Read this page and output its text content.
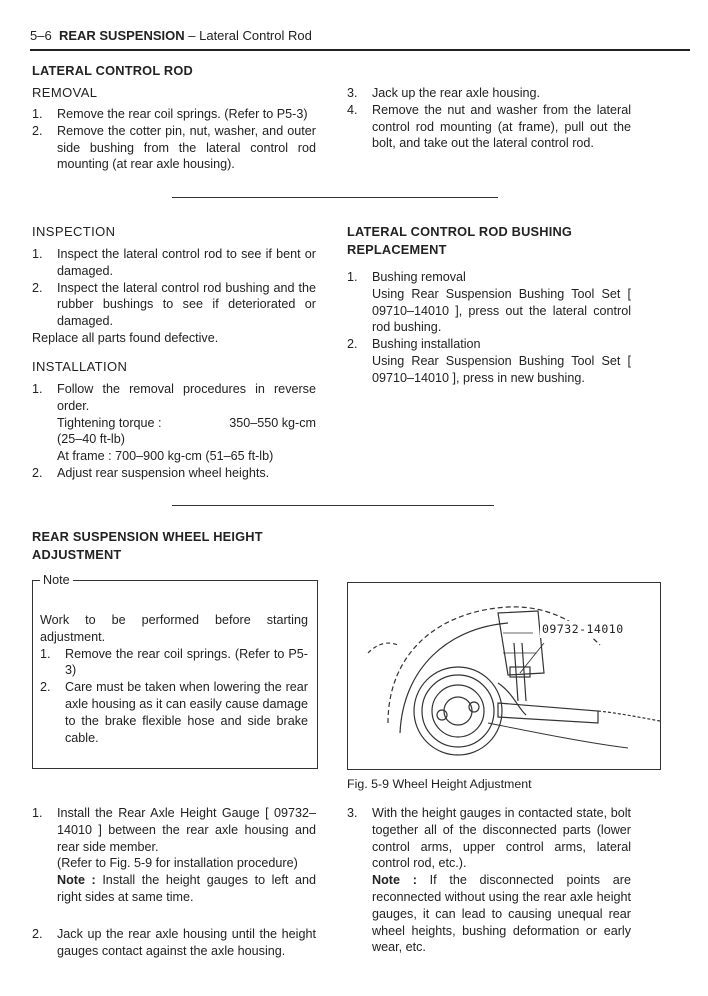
5–6 REAR SUSPENSION – Lateral Control Rod
LATERAL CONTROL ROD
REMOVAL
1. Remove the rear coil springs. (Refer to P5-3)
2. Remove the cotter pin, nut, washer, and outer side bushing from the lateral control rod mounting (at rear axle housing).
3. Jack up the rear axle housing.
4. Remove the nut and washer from the lateral control rod mounting (at frame), pull out the bolt, and take out the lateral control rod.
INSPECTION
1. Inspect the lateral control rod to see if bent or damaged.
2. Inspect the lateral control rod bushing and the rubber bushings to see if deteriorated or damaged.

Replace all parts found defective.

INSTALLATION
1. Follow the removal procedures in reverse order.
Tightening torque :	350–550 kg-cm
(25–40 ft-lb)
At frame : 700–900 kg-cm (51–65 ft-lb)
2. Adjust rear suspension wheel heights.
LATERAL CONTROL ROD BUSHING REPLACEMENT
1. Bushing removal
Using Rear Suspension Bushing Tool Set [ 09710–14010 ], press out the lateral control rod bushing.
2. Bushing installation
Using Rear Suspension Bushing Tool Set [ 09710–14010 ], press in new bushing.
REAR SUSPENSION WHEEL HEIGHT ADJUSTMENT
Note

Work to be performed before starting adjustment.

1. Remove the rear coil springs. (Refer to P5-3)
2. Care must be taken when lowering the rear axle housing as it can easily cause damage to the brake flexible hose and side brake cable.
09732-14010
Fig. 5-9 Wheel Height Adjustment
1. Install the Rear Axle Height Gauge [ 09732–14010 ] between the rear axle housing and rear side member.
(Refer to Fig. 5-9 for installation procedure)
Note : Install the height gauges to left and right sides at same time.
2. Jack up the rear axle housing until the height gauges contact against the axle housing.
3. With the height gauges in contacted state, bolt together all of the disconnected parts (lower control arms, upper control arms, lateral control rod, etc.).
Note : If the disconnected points are reconnected without using the rear axle height gauges, it can lead to causing unequal rear wheel heights, bushing deformation or early wear, etc.
